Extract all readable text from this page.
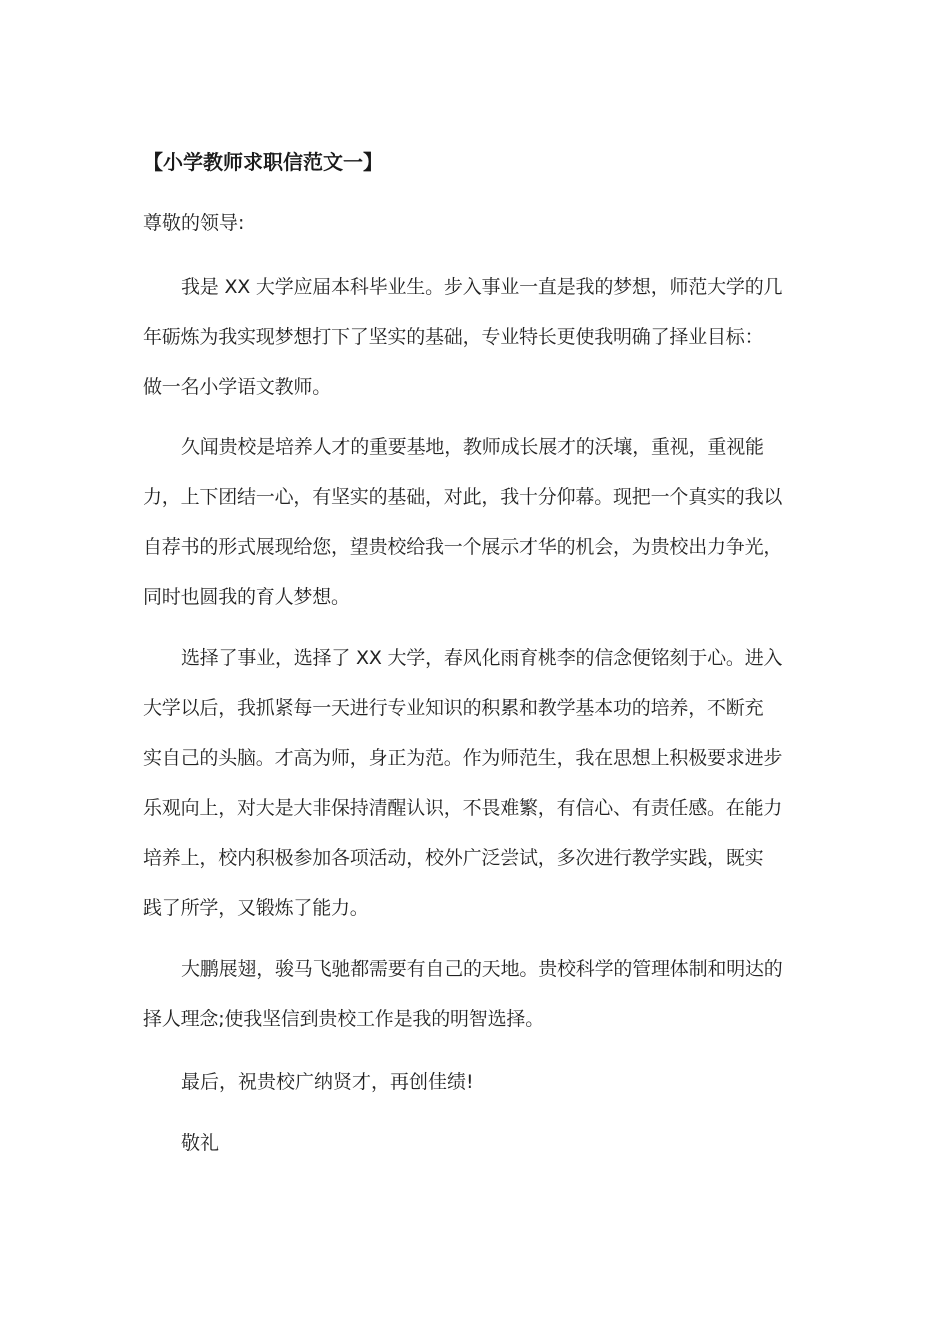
【小学教师求职信范文一】
尊敬的领导:
我是 XX 大学应届本科毕业生。步入事业一直是我的梦想，师范大学的几
年砺炼为我实现梦想打下了坚实的基础，专业特长更使我明确了择业目标：
做一名小学语文教师。
久闻贵校是培养人才的重要基地，教师成长展才的沃壤，重视，重视能
力，上下团结一心，有坚实的基础，对此，我十分仰幕。现把一个真实的我以
自荐书的形式展现给您，望贵校给我一个展示才华的机会，为贵校出力争光，
同时也圆我的育人梦想。
选择了事业，选择了 XX 大学，春风化雨育桃李的信念便铭刻于心。进入
大学以后，我抓紧每一天进行专业知识的积累和教学基本功的培养，不断充
实自己的头脑。才高为师，身正为范。作为师范生，我在思想上积极要求进步
乐观向上，对大是大非保持清醒认识，不畏难繁，有信心、有责任感。在能力
培养上，校内积极参加各项活动，校外广泛尝试，多次进行教学实践，既实
践了所学，又锻炼了能力。
大鹏展翅，骏马飞驰都需要有自己的天地。贵校科学的管理体制和明达的
择人理念;使我坚信到贵校工作是我的明智选择。
最后，祝贵校广纳贤才，再创佳绩!
敬礼
